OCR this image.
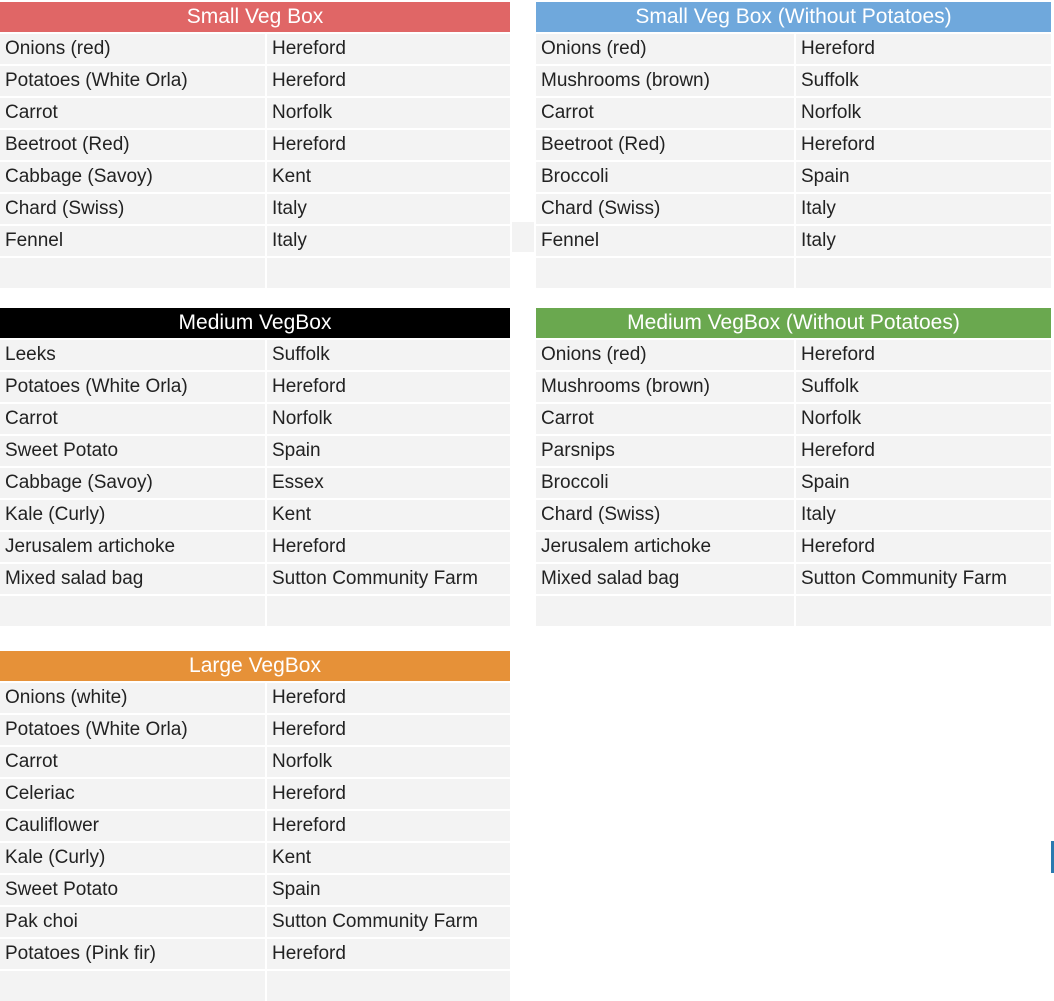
Small Veg Box
Onions (red)	Hereford
Potatoes (White Orla)	Hereford
Carrot	Norfolk
Beetroot (Red)	Hereford
Cabbage (Savoy)	Kent
Chard (Swiss)	Italy
Fennel	Italy
Small Veg Box (Without Potatoes)
Onions (red)	Hereford
Mushrooms (brown)	Suffolk
Carrot	Norfolk
Beetroot (Red)	Hereford
Broccoli	Spain
Chard (Swiss)	Italy
Fennel	Italy
Medium VegBox
Leeks	Suffolk
Potatoes (White Orla)	Hereford
Carrot	Norfolk
Sweet Potato	Spain
Cabbage (Savoy)	Essex
Kale (Curly)	Kent
Jerusalem artichoke	Hereford
Mixed salad bag	Sutton Community Farm
Medium VegBox (Without Potatoes)
Onions (red)	Hereford
Mushrooms (brown)	Suffolk
Carrot	Norfolk
Parsnips	Hereford
Broccoli	Spain
Chard (Swiss)	Italy
Jerusalem artichoke	Hereford
Mixed salad bag	Sutton Community Farm
Large VegBox
Onions (white)	Hereford
Potatoes (White Orla)	Hereford
Carrot	Norfolk
Celeriac	Hereford
Cauliflower	Hereford
Kale (Curly)	Kent
Sweet Potato	Spain
Pak choi	Sutton Community Farm
Potatoes (Pink fir)	Hereford
